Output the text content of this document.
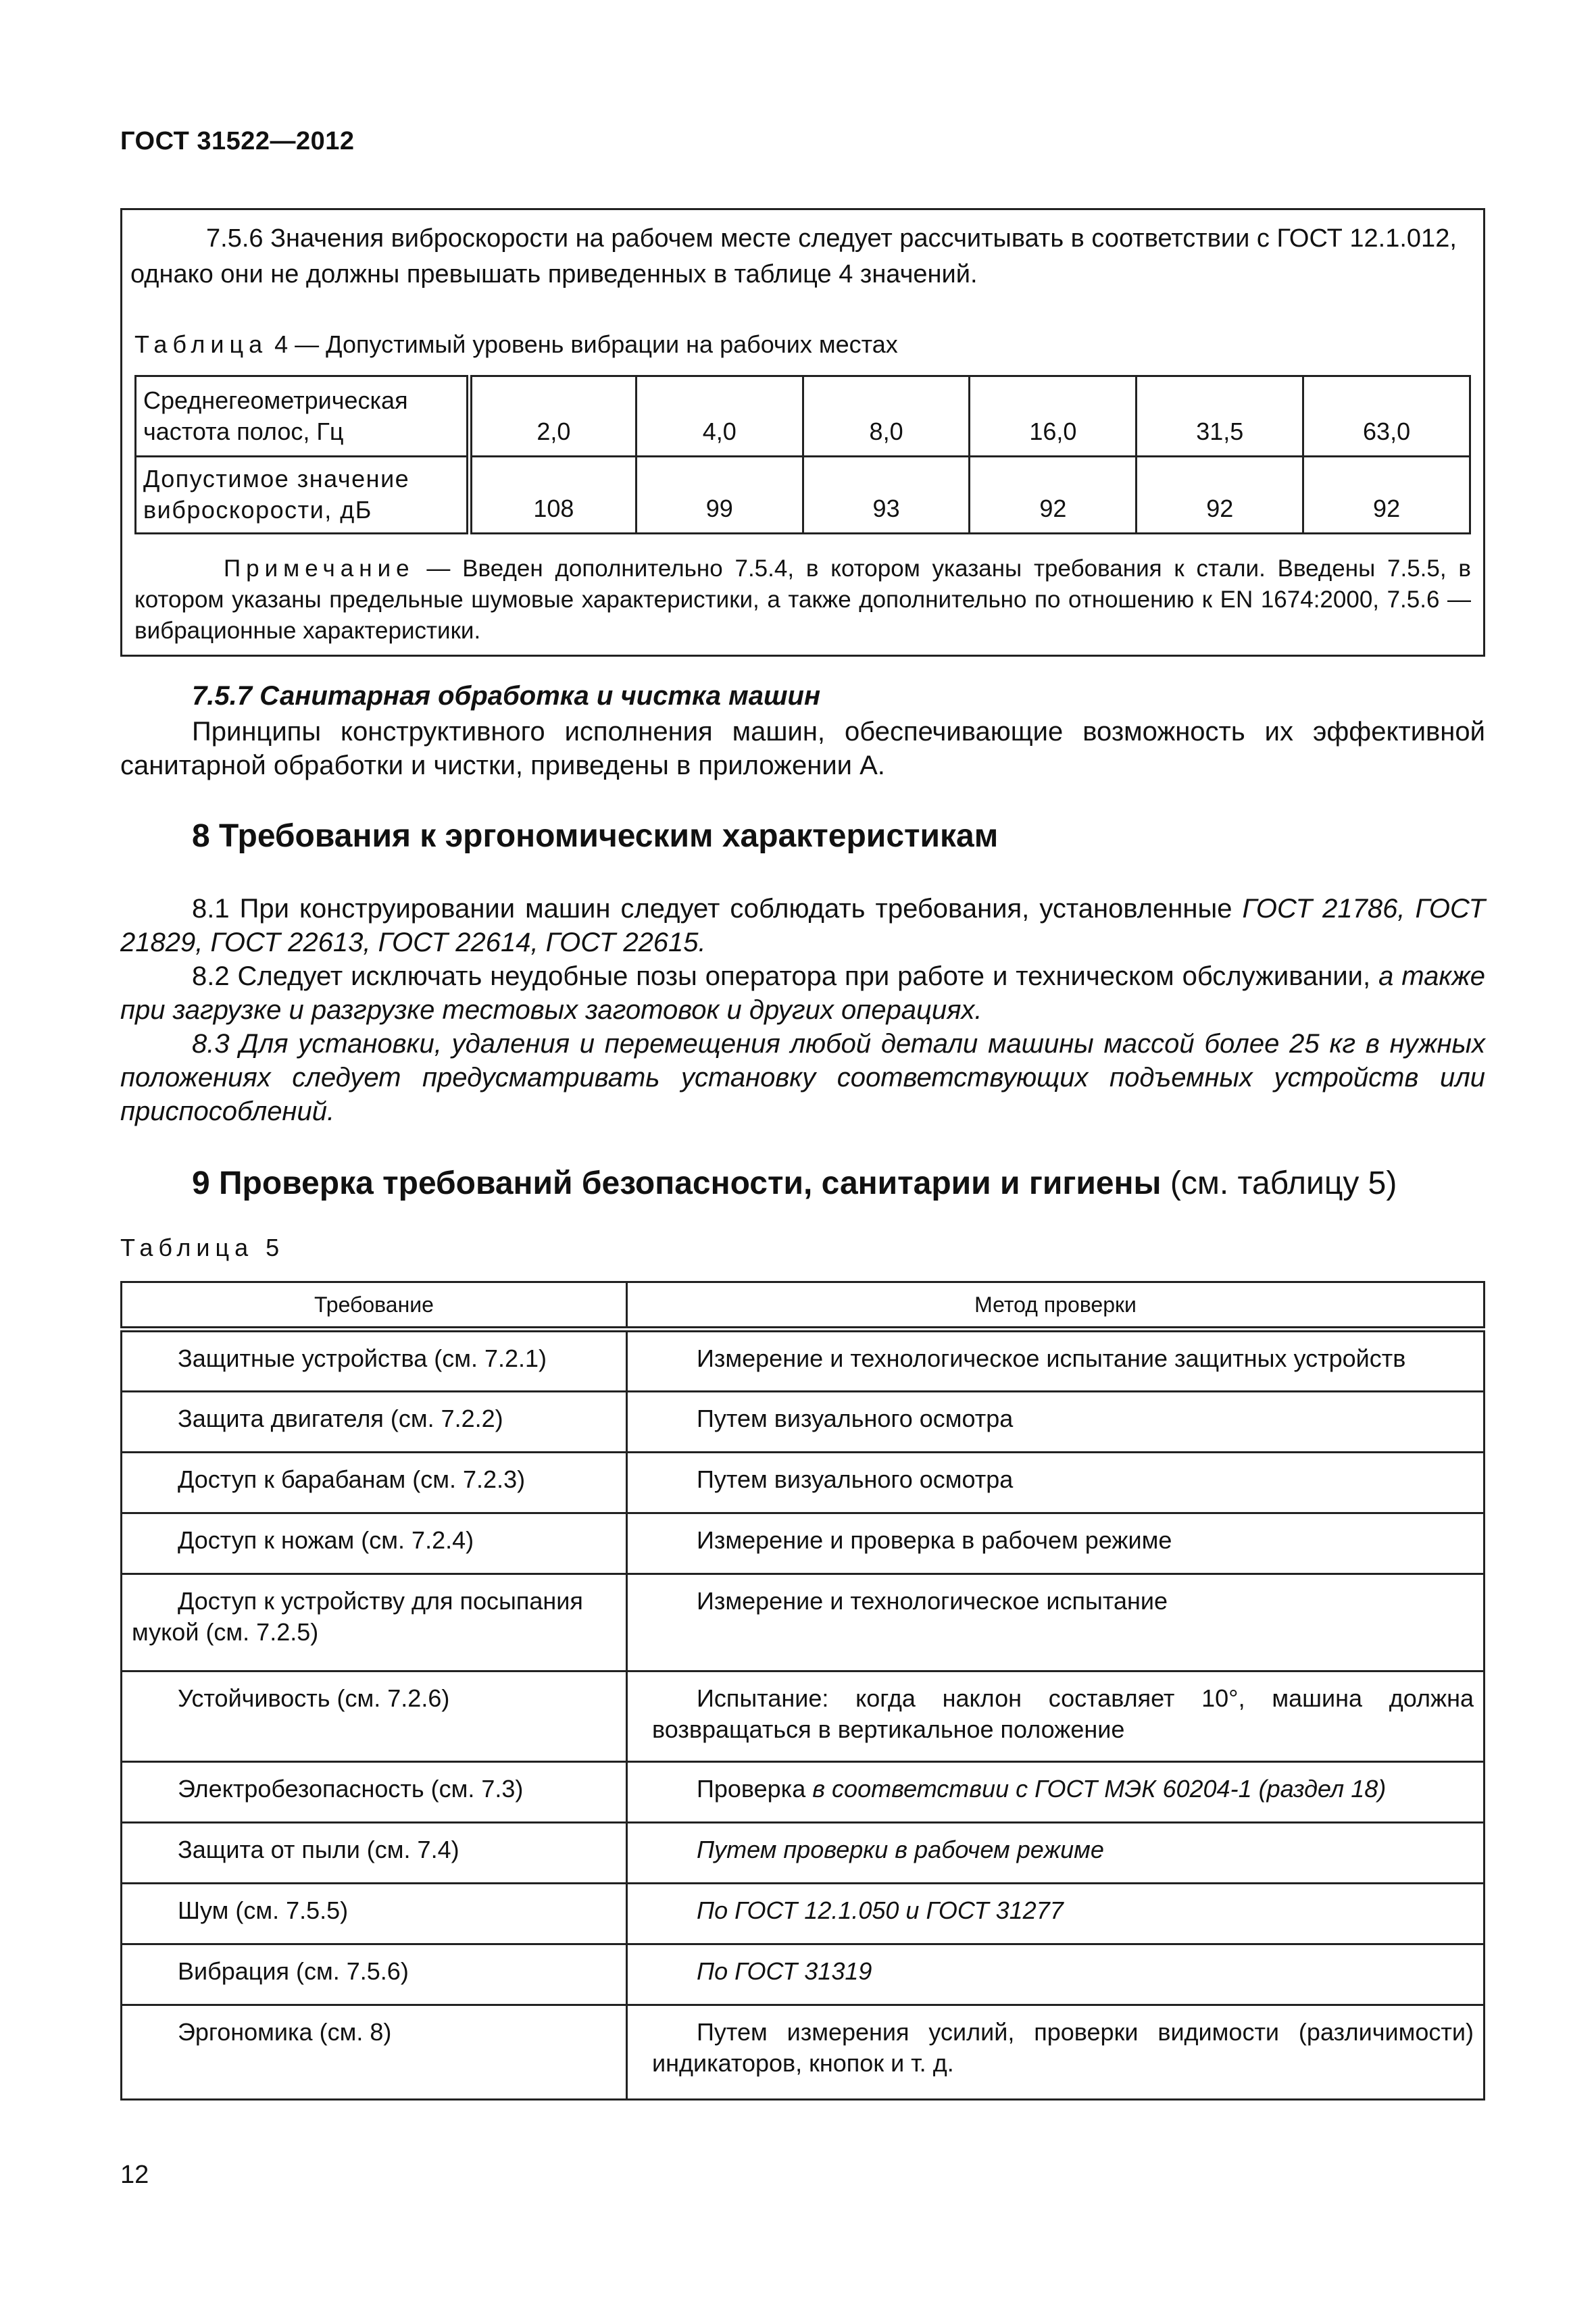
ГОСТ 31522—2012
7.5.6 Значения виброскорости на рабочем месте следует рассчитывать в соответствии с ГОСТ 12.1.012, однако они не должны превышать приведенных в таблице 4 значений.
Таблица 4 — Допустимый уровень вибрации на рабочих местах
Среднегеометрическая частота полос, Гц	2,0	4,0	8,0	16,0	31,5	63,0
Допустимое значение виброскорости, дБ	108	99	93	92	92	92
Примечание — Введен дополнительно 7.5.4, в котором указаны требования к стали. Введены 7.5.5, в котором указаны предельные шумовые характеристики, а также дополнительно по отношению к EN 1674:2000, 7.5.6 — вибрационные характеристики.
7.5.7 Санитарная обработка и чистка машин
Принципы конструктивного исполнения машин, обеспечивающие возможность их эффективной санитарной обработки и чистки, приведены в приложении А.
8 Требования к эргономическим характеристикам
8.1 При конструировании машин следует соблюдать требования, установленные ГОСТ 21786, ГОСТ 21829, ГОСТ 22613, ГОСТ 22614, ГОСТ 22615.
8.2 Следует исключать неудобные позы оператора при работе и техническом обслуживании, а также при загрузке и разгрузке тестовых заготовок и других операциях.
8.3 Для установки, удаления и перемещения любой детали машины массой более 25 кг в нужных положениях следует предусматривать установку соответствующих подъемных устройств или приспособлений.
9 Проверка требований безопасности, санитарии и гигиены (см. таблицу 5)
Таблица 5
Требование	Метод проверки
Защитные устройства (см. 7.2.1)	Измерение и технологическое испытание защитных устройств
Защита двигателя (см. 7.2.2)	Путем визуального осмотра
Доступ к барабанам (см. 7.2.3)	Путем визуального осмотра
Доступ к ножам (см. 7.2.4)	Измерение и проверка в рабочем режиме
Доступ к устройству для посыпания мукой (см. 7.2.5)	Измерение и технологическое испытание
Устойчивость (см. 7.2.6)	Испытание: когда наклон составляет 10°, машина должна возвращаться в вертикальное положение
Электробезопасность (см. 7.3)	Проверка в соответствии с ГОСТ МЭК 60204-1 (раздел 18)
Защита от пыли (см. 7.4)	Путем проверки в рабочем режиме
Шум (см. 7.5.5)	По ГОСТ 12.1.050 и ГОСТ 31277
Вибрация (см. 7.5.6)	По ГОСТ 31319
Эргономика (см. 8)	Путем измерения усилий, проверки видимости (различимости) индикаторов, кнопок и т. д.
12
